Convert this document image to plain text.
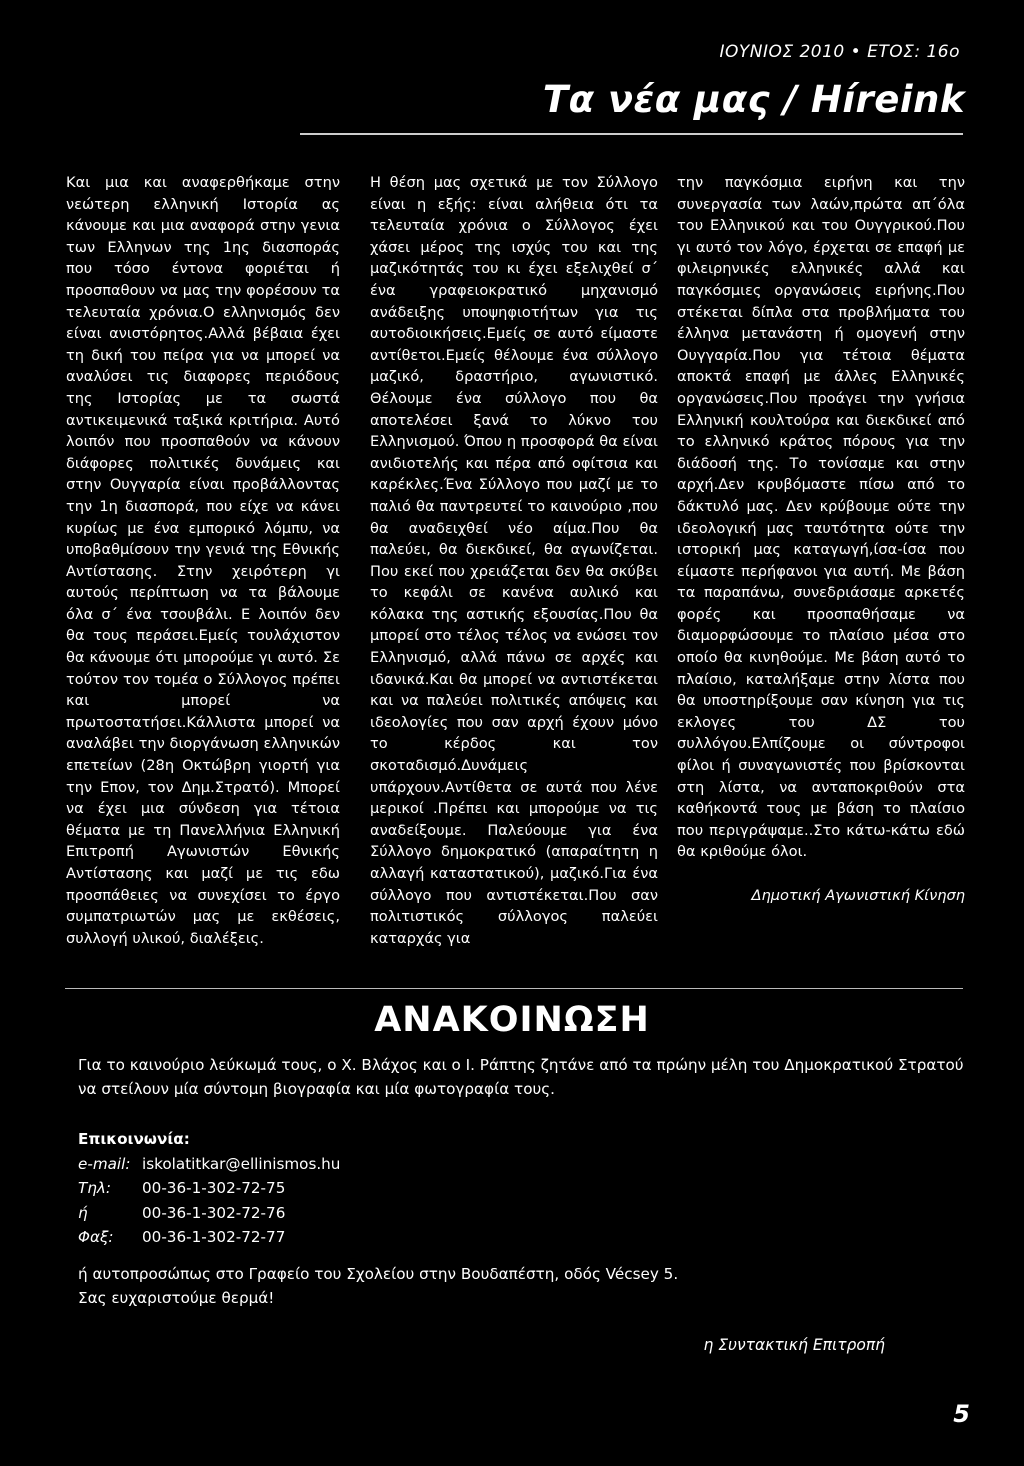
ΙΟΥΝΙΟΣ 2010 • ΕΤΟΣ: 16ο
Τα νέα μας / Híreink

Και μια και αναφερθήκαμε στην νεώτερη ελληνική Ιστορία ας κάνουμε και μια αναφορά στην γενια των Ελληνων της 1ης διασποράς που τόσο έντονα φοριέται ή προσπαθουν να μας την φορέσουν τα τελευταία χρόνια.Ο ελληνισμός δεν είναι ανιστόρητος.Αλλά βέβαια έχει τη δική του πείρα για να μπορεί να αναλύσει τις διαφορες περιόδους της Ιστορίας με τα σωστά αντικειμενικά ταξικά κριτήρια. Αυτό λοιπόν που προσπαθούν να κάνουν διάφορες πολιτικές δυνάμεις και στην Ουγγαρία είναι προβάλλοντας την 1η διασπορά, που είχε να κάνει κυρίως με ένα εμπορικό λόμπυ, να υποβαθμίσουν την γενιά της Εθνικής Αντίστασης. Στην χειρότερη γι αυτούς περίπτωση να τα βάλουμε όλα σ΄ ένα τσουβάλι. Ε λοιπόν δεν θα τους περάσει.Εμείς τουλάχιστον θα κάνουμε ότι μπορούμε γι αυτό. Σε τούτον τον τομέα ο Σύλλογος πρέπει και μπορεί να πρωτοστατήσει.Κάλλιστα μπορεί να αναλάβει την διοργάνωση ελληνικών επετείων (28η Οκτώβρη γιορτή για την Επον, τον Δημ.Στρατό). Μπορεί να έχει μια σύνδεση για τέτοια θέματα με τη Πανελλήνια Ελληνική Επιτροπή Αγωνιστών Εθνικής Αντίστασης και μαζί με τις εδω προσπάθειες να συνεχίσει το έργο συμπατριωτών μας με εκθέσεις, συλλογή υλικού, διαλέξεις.

Η θέση μας σχετικά με τον Σύλλογο είναι η εξής: είναι αλήθεια ότι τα τελευταία χρόνια ο Σύλλογος έχει χάσει μέρος της ισχύς του και της μαζικότητάς του κι έχει εξελιχθεί σ΄ ένα γραφειοκρατικό μηχανισμό ανάδειξης υποψηφιοτήτων για τις αυτοδιοικήσεις.Εμείς σε αυτό είμαστε αντίθετοι.Εμείς θέλουμε ένα σύλλογο μαζικό, δραστήριο, αγωνιστικό. Θέλουμε ένα σύλλογο που θα αποτελέσει ξανά το λύκνο του Ελληνισμού. Όπου η προσφορά θα είναι ανιδιοτελής και πέρα από οφίτσια και καρέκλες.Ένα Σύλλογο που μαζί με το παλιό θα παντρευτεί το καινούριο ,που θα αναδειχθεί νέο αίμα.Που θα παλεύει, θα διεκδικεί, θα αγωνίζεται. Που εκεί που χρειάζεται δεν θα σκύβει το κεφάλι σε κανένα αυλικό και κόλακα της αστικής εξουσίας.Που θα μπορεί στο τέλος τέλος να ενώσει τον Ελληνισμό, αλλά πάνω σε αρχές και ιδανικά.Και θα μπορεί να αντιστέκεται και να παλεύει πολιτικές απόψεις και ιδεολογίες που σαν αρχή έχουν μόνο το κέρδος και τον σκοταδισμό.Δυνάμεις υπάρχουν.Αντίθετα σε αυτά που λένε μερικοί .Πρέπει και μπορούμε να τις αναδείξουμε. Παλεύουμε για ένα Σύλλογο δημοκρατικό (απαραίτητη η αλλαγή καταστατικού), μαζικό.Για ένα σύλλογο που αντιστέκεται.Που σαν πολιτιστικός σύλλογος παλεύει καταρχάς για

την παγκόσμια ειρήνη και την συνεργασία των λαών,πρώτα απ΄όλα του Ελληνικού και του Ουγγρικού.Που γι αυτό τον λόγο, έρχεται σε επαφή με φιλειρηνικές ελληνικές αλλά και παγκόσμιες οργανώσεις ειρήνης.Που στέκεται δίπλα στα προβλήματα του έλληνα μετανάστη ή ομογενή στην Ουγγαρία.Που για τέτοια θέματα αποκτά επαφή με άλλες Ελληνικές οργανώσεις.Που προάγει την γνήσια Ελληνική κουλτούρα και διεκδικεί από το ελληνικό κράτος πόρους για την διάδοσή της. Το τονίσαμε και στην αρχή.Δεν κρυβόμαστε πίσω από το δάκτυλό μας. Δεν κρύβουμε ούτε την ιδεολογική μας ταυτότητα ούτε την ιστορική μας καταγωγή,ίσα-ίσα που είμαστε περήφανοι για αυτή. Με βάση τα παραπάνω, συνεδριάσαμε αρκετές φορές και προσπαθήσαμε να διαμορφώσουμε το πλαίσιο μέσα στο οποίο θα κινηθούμε. Με βάση αυτό το πλαίσιο, καταλήξαμε στην λίστα που θα υποστηρίξουμε σαν κίνηση για τις εκλογες του ΔΣ του συλλόγου.Ελπίζουμε οι σύντροφοι φίλοι ή συναγωνιστές που βρίσκονται στη λίστα, να ανταποκριθούν στα καθήκοντά τους με βάση το πλαίσιο που περιγράψαμε..Στο κάτω-κάτω εδώ θα κριθούμε όλοι.

Δημοτική Αγωνιστική Κίνηση
ΑΝΑΚΟΙΝΩΣΗ
Για το καινούριο λεύκωμά τους, ο Χ. Βλάχος και ο Ι. Ράπτης ζητάνε από τα πρώην μέλη του Δημοκρατικού Στρατού να στείλουν μία σύντομη βιογραφία και μία φωτογραφία τους.
Επικοινωνία:
e-mail: iskolatitkar@ellinismos.hu
Τηλ:	00-36-1-302-72-75
ή	00-36-1-302-72-76
Φαξ:	00-36-1-302-72-77
ή αυτοπροσώπως στο Γραφείο του Σχολείου στην Βουδαπέστη, οδός Vécsey 5.
Σας ευχαριστούμε θερμά!
η Συντακτική Επιτροπή
5
